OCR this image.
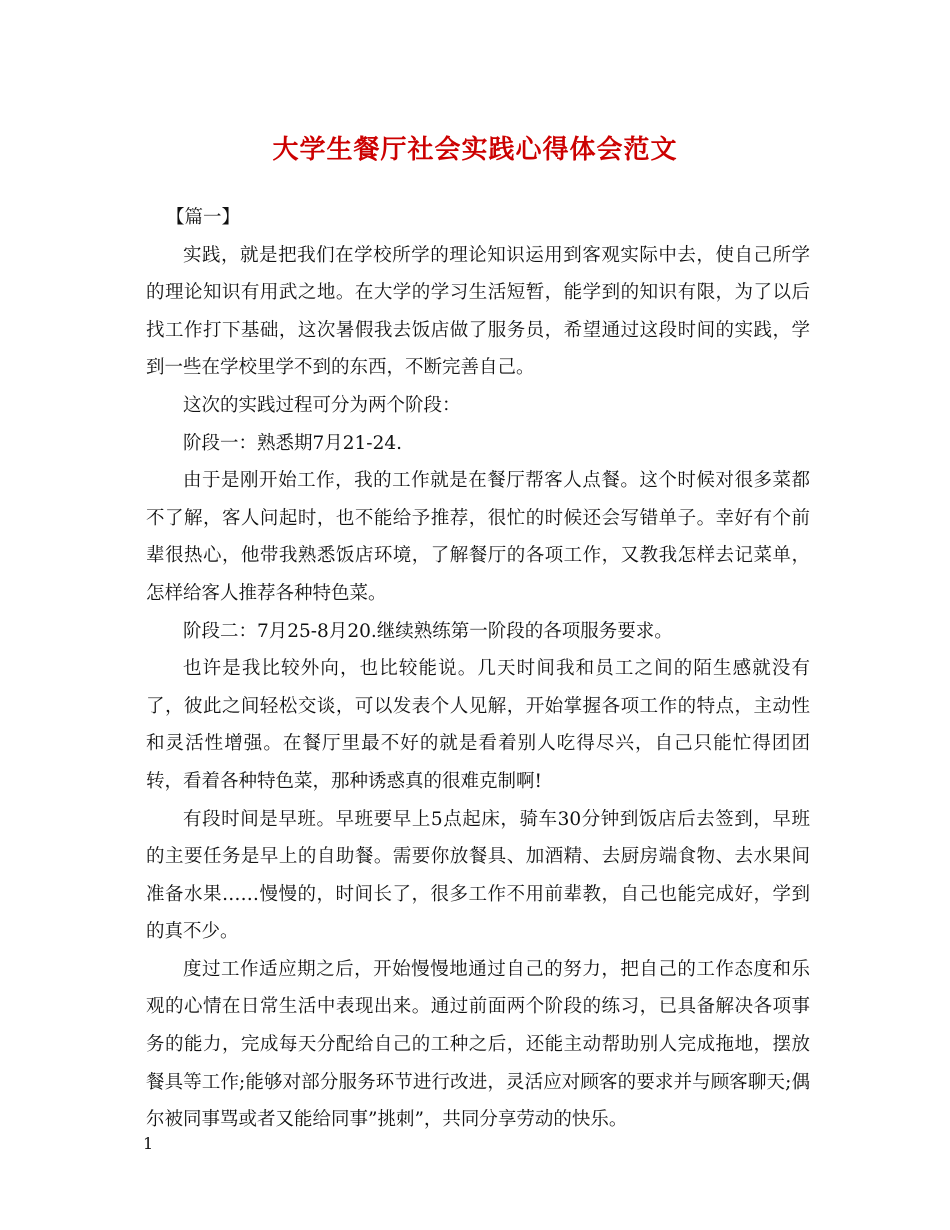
大学生餐厅社会实践心得体会范文

【篇一】

实践，就是把我们在学校所学的理论知识运用到客观实际中去，使自己所学的理论知识有用武之地。在大学的学习生活短暂，能学到的知识有限，为了以后找工作打下基础，这次暑假我去饭店做了服务员，希望通过这段时间的实践，学到一些在学校里学不到的东西，不断完善自己。

这次的实践过程可分为两个阶段：

阶段一：熟悉期7月21-24.

由于是刚开始工作，我的工作就是在餐厅帮客人点餐。这个时候对很多菜都不了解，客人问起时，也不能给予推荐，很忙的时候还会写错单子。幸好有个前辈很热心，他带我熟悉饭店环境，了解餐厅的各项工作，又教我怎样去记菜单，怎样给客人推荐各种特色菜。

阶段二：7月25-8月20.继续熟练第一阶段的各项服务要求。

也许是我比较外向，也比较能说。几天时间我和员工之间的陌生感就没有了，彼此之间轻松交谈，可以发表个人见解，开始掌握各项工作的特点，主动性和灵活性增强。在餐厅里最不好的就是看着别人吃得尽兴，自己只能忙得团团转，看着各种特色菜，那种诱惑真的很难克制啊!

有段时间是早班。早班要早上5点起床，骑车30分钟到饭店后去签到，早班的主要任务是早上的自助餐。需要你放餐具、加酒精、去厨房端食物、去水果间准备水果……慢慢的，时间长了，很多工作不用前辈教，自己也能完成好，学到的真不少。

度过工作适应期之后，开始慢慢地通过自己的努力，把自己的工作态度和乐观的心情在日常生活中表现出来。通过前面两个阶段的练习，已具备解决各项事务的能力，完成每天分配给自己的工种之后，还能主动帮助别人完成拖地，摆放餐具等工作;能够对部分服务环节进行改进，灵活应对顾客的要求并与顾客聊天;偶尔被同事骂或者又能给同事”挑刺”，共同分享劳动的快乐。

1
